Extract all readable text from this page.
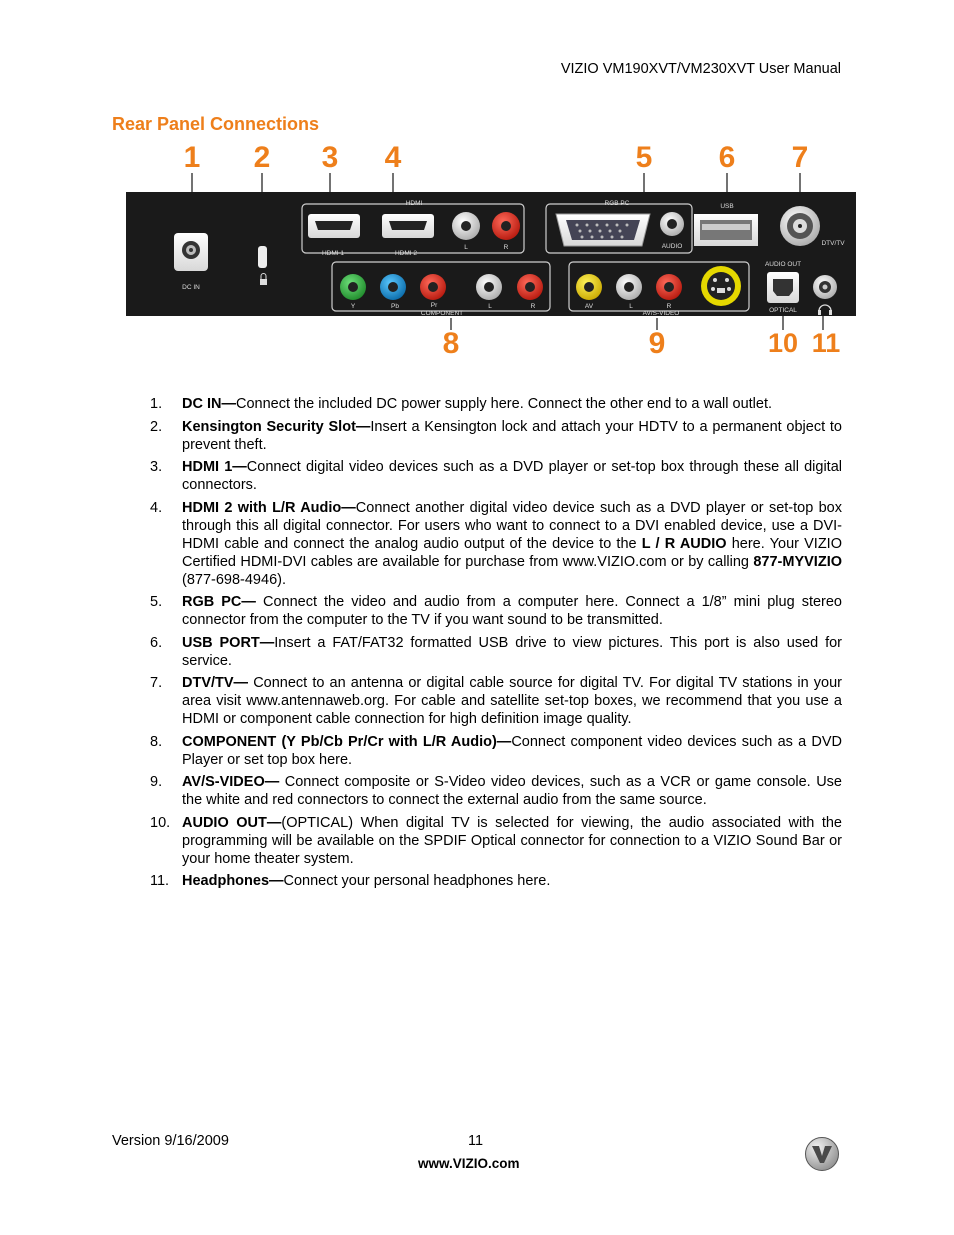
VIZIO VM190XVT/VM230XVT User Manual
Rear Panel Connections
DC IN
HDMI
HDMI 1	HDMI 2
L	R
RGB PC
AUDIO
USB
DTV/TV
Y	Pb	Pr
COMPONENT
L	R	AV	L	R
AV/S-VIDEO
AUDIO OUT
OPTICAL
1 2 3 4	5 6 7
8	9	10 11
1.	DC IN—Connect the included DC power supply here. Connect the other end to a wall outlet.
2.	Kensington Security Slot—Insert a Kensington lock and attach your HDTV to a permanent object to prevent theft.
3.	HDMI 1—Connect digital video devices such as a DVD player or set-top box through these all digital connectors.
4.	HDMI 2 with L/R Audio—Connect another digital video device such as a DVD player or set-top box through this all digital connector. For users who want to connect to a DVI enabled device, use a DVI-HDMI cable and connect the analog audio output of the device to the L / R AUDIO here. Your VIZIO Certified HDMI-DVI cables are available for purchase from www.VIZIO.com or by calling 877-MYVIZIO (877-698-4946).
5.	RGB PC— Connect the video and audio from a computer here. Connect a 1/8” mini plug stereo connector from the computer to the TV if you want sound to be transmitted.
6.	USB PORT—Insert a FAT/FAT32 formatted USB drive to view pictures. This port is also used for service.
7.	DTV/TV— Connect to an antenna or digital cable source for digital TV. For digital TV stations in your area visit www.antennaweb.org. For cable and satellite set-top boxes, we recommend that you use a HDMI or component cable connection for high definition image quality.
8.	COMPONENT (Y Pb/Cb Pr/Cr with L/R Audio)—Connect component video devices such as a DVD Player or set top box here.
9.	AV/S-VIDEO— Connect composite or S-Video video devices, such as a VCR or game console. Use the white and red connectors to connect the external audio from the same source.
10. AUDIO OUT—(OPTICAL) When digital TV is selected for viewing, the audio associated with the programming will be available on the SPDIF Optical connector for connection to a VIZIO Sound Bar or your home theater system.
11. Headphones—Connect your personal headphones here.
Version 9/16/2009	11
www.VIZIO.com
